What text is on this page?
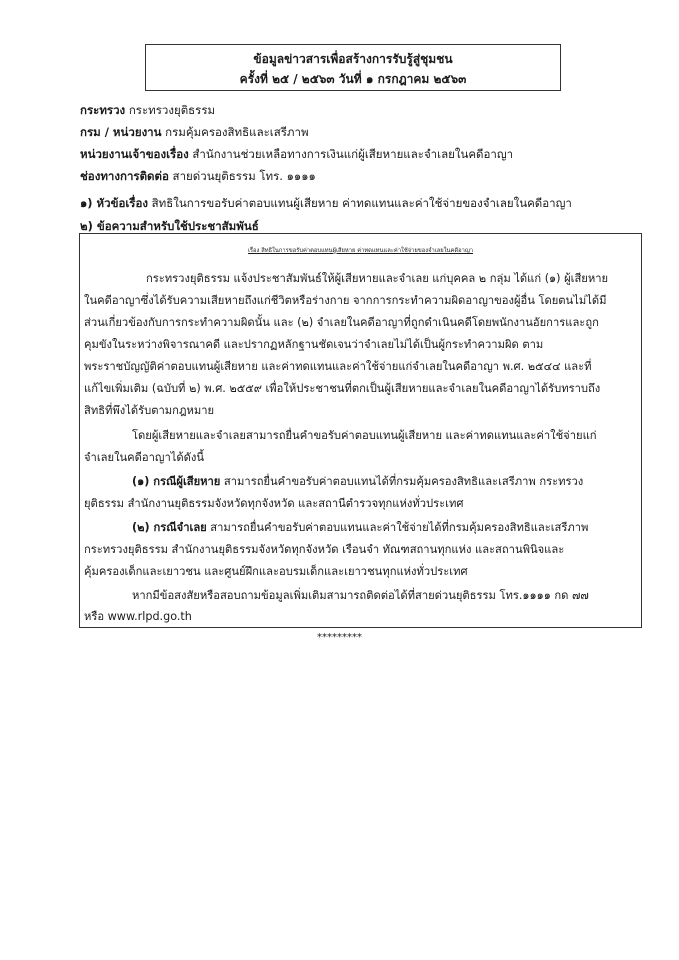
ข้อมูลข่าวสารเพื่อสร้างการรับรู้สู่ชุมชน
ครั้งที่ ๒๕ / ๒๕๖๓ วันที่ ๑ กรกฎาคม ๒๕๖๓
กระทรวง กระทรวงยุติธรรม
กรม / หน่วยงาน กรมคุ้มครองสิทธิและเสรีภาพ
หน่วยงานเจ้าของเรื่อง สำนักงานช่วยเหลือทางการเงินแก่ผู้เสียหายและจำเลยในคดีอาญา
ช่องทางการติดต่อ สายด่วนยุติธรรม โทร. ๑๑๑๑
๑) หัวข้อเรื่อง สิทธิในการขอรับค่าตอบแทนผู้เสียหาย ค่าทดแทนและค่าใช้จ่ายของจำเลยในคดีอาญา
๒) ข้อความสำหรับใช้ประชาสัมพันธ์
เรื่อง สิทธิในการขอรับค่าตอบแทนผู้เสียหาย ค่าทดแทนและค่าใช้จ่ายของจำเลยในคดีอาญา
กระทรวงยุติธรรม แจ้งประชาสัมพันธ์ให้ผู้เสียหายและจำเลย แก่บุคคล ๒ กลุ่ม ได้แก่ (๑) ผู้เสียหาย
ในคดีอาญาซึ่งได้รับความเสียหายถึงแก่ชีวิตหรือร่างกาย จากการกระทำความผิดอาญาของผู้อื่น โดยตนไม่ได้มี
ส่วนเกี่ยวข้องกับการกระทำความผิดนั้น และ (๒) จำเลยในคดีอาญาที่ถูกดำเนินคดีโดยพนักงานอัยการและถูก
คุมขังในระหว่างพิจารณาคดี และปรากฏหลักฐานชัดเจนว่าจำเลยไม่ได้เป็นผู้กระทำความผิด ตาม
พระราชบัญญัติค่าตอบแทนผู้เสียหาย และค่าทดแทนและค่าใช้จ่ายแก่จำเลยในคดีอาญา พ.ศ. ๒๕๔๔ และที่
แก้ไขเพิ่มเติม (ฉบับที่ ๒) พ.ศ. ๒๕๕๙ เพื่อให้ประชาชนที่ตกเป็นผู้เสียหายและจำเลยในคดีอาญาได้รับทราบถึง
สิทธิที่พึงได้รับตามกฎหมาย
โดยผู้เสียหายและจำเลยสามารถยื่นคำขอรับค่าตอบแทนผู้เสียหาย และค่าทดแทนและค่าใช้จ่ายแก่
จำเลยในคดีอาญาได้ดังนี้
(๑) กรณีผู้เสียหาย สามารถยื่นคำขอรับค่าตอบแทนได้ที่กรมคุ้มครองสิทธิและเสรีภาพ กระทรวง
ยุติธรรม สำนักงานยุติธรรมจังหวัดทุกจังหวัด และสถานีตำรวจทุกแห่งทั่วประเทศ
(๒) กรณีจำเลย สามารถยื่นคำขอรับค่าตอบแทนและค่าใช้จ่ายได้ที่กรมคุ้มครองสิทธิและเสรีภาพ
กระทรวงยุติธรรม สำนักงานยุติธรรมจังหวัดทุกจังหวัด เรือนจำ ทัณฑสถานทุกแห่ง และสถานพินิจและ
คุ้มครองเด็กและเยาวชน และศูนย์ฝึกและอบรมเด็กและเยาวชนทุกแห่งทั่วประเทศ
หากมีข้อสงสัยหรือสอบถามข้อมูลเพิ่มเติมสามารถติดต่อได้ที่สายด่วนยุติธรรม โทร.๑๑๑๑ กด ๗๗
หรือ www.rlpd.go.th
*********
